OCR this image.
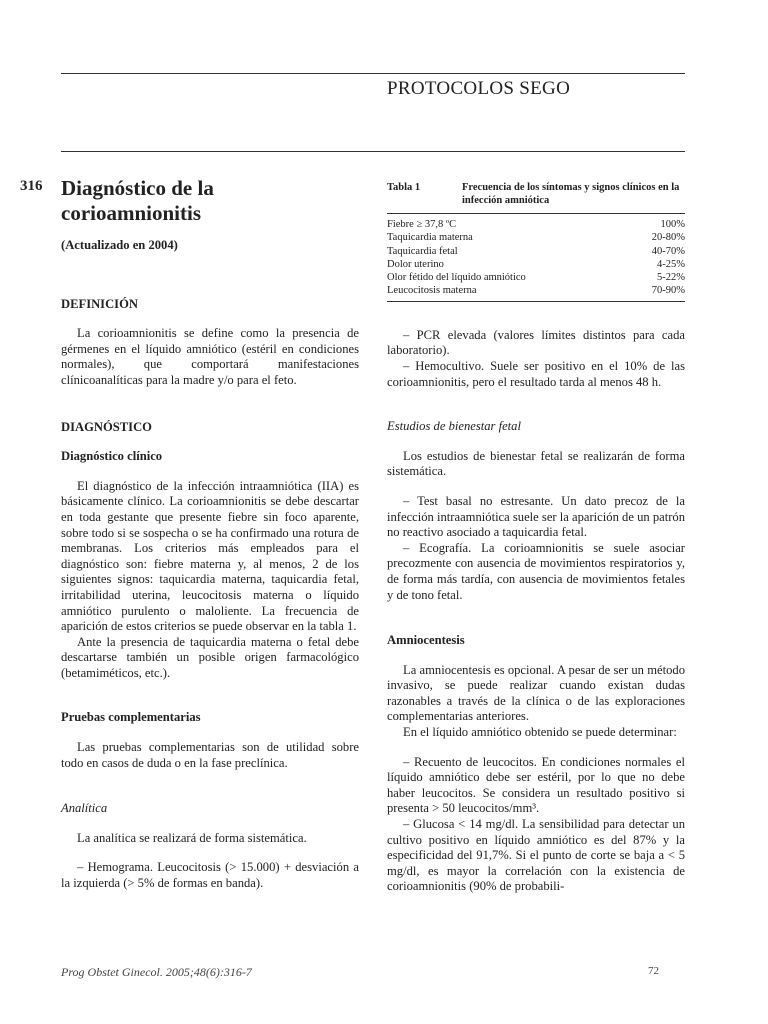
PROTOCOLOS SEGO
316 Diagnóstico de la corioamnionitis
(Actualizado en 2004)
DEFINICIÓN

La corioamnionitis se define como la presencia de gérmenes en el líquido amniótico (estéril en condiciones normales), que comportará manifestaciones clínicoanalíticas para la madre y/o para el feto.

DIAGNÓSTICO
Diagnóstico clínico

El diagnóstico de la infección intraamniótica (IIA) es básicamente clínico. La corioamnionitis se debe descartar en toda gestante que presente fiebre sin foco aparente, sobre todo si se sospecha o se ha confirmado una rotura de membranas. Los criterios más empleados para el diagnóstico son: fiebre materna y, al menos, 2 de los siguientes signos: taquicardia materna, taquicardia fetal, irritabilidad uterina, leucocitosis materna o líquido amniótico purulento o maloliente. La frecuencia de aparición de estos criterios se puede observar en la tabla 1.

Ante la presencia de taquicardia materna o fetal debe descartarse también un posible origen farmacológico (betamiméticos, etc.).

Pruebas complementarias

Las pruebas complementarias son de utilidad sobre todo en casos de duda o en la fase preclínica.

Analítica

La analítica se realizará de forma sistemática.

– Hemograma. Leucocitosis (> 15.000) + desviación a la izquierda (> 5% de formas en banda).

Tabla 1	Frecuencia de los síntomas y signos clínicos en la infección amniótica
Fiebre ≥ 37,8 ºC	100%
Taquicardia materna	20-80%
Taquicardia fetal	40-70%
Dolor uterino	4-25%
Olor fétido del líquido amniótico	5-22%
Leucocitosis materna	70-90%

– PCR elevada (valores límites distintos para cada laboratorio).

– Hemocultivo. Suele ser positivo en el 10% de las corioamnionitis, pero el resultado tarda al menos 48 h.

Estudios de bienestar fetal

Los estudios de bienestar fetal se realizarán de forma sistemática.

– Test basal no estresante. Un dato precoz de la infección intraamniótica suele ser la aparición de un patrón no reactivo asociado a taquicardia fetal.

– Ecografía. La corioamnionitis se suele asociar precozmente con ausencia de movimientos respiratorios y, de forma más tardía, con ausencia de movimientos fetales y de tono fetal.

Amniocentesis

La amniocentesis es opcional. A pesar de ser un método invasivo, se puede realizar cuando existan dudas razonables a través de la clínica o de las exploraciones complementarias anteriores.

En el líquido amniótico obtenido se puede determinar:

– Recuento de leucocitos. En condiciones normales el líquido amniótico debe ser estéril, por lo que no debe haber leucocitos. Se considera un resultado positivo si presenta > 50 leucocitos/mm³.

– Glucosa < 14 mg/dl. La sensibilidad para detectar un cultivo positivo en líquido amniótico es del 87% y la especificidad del 91,7%. Si el punto de corte se baja a < 5 mg/dl, es mayor la correlación con la existencia de corioamnionitis (90% de probabili-

Prog Obstet Ginecol. 2005;48(6):316-7	72
